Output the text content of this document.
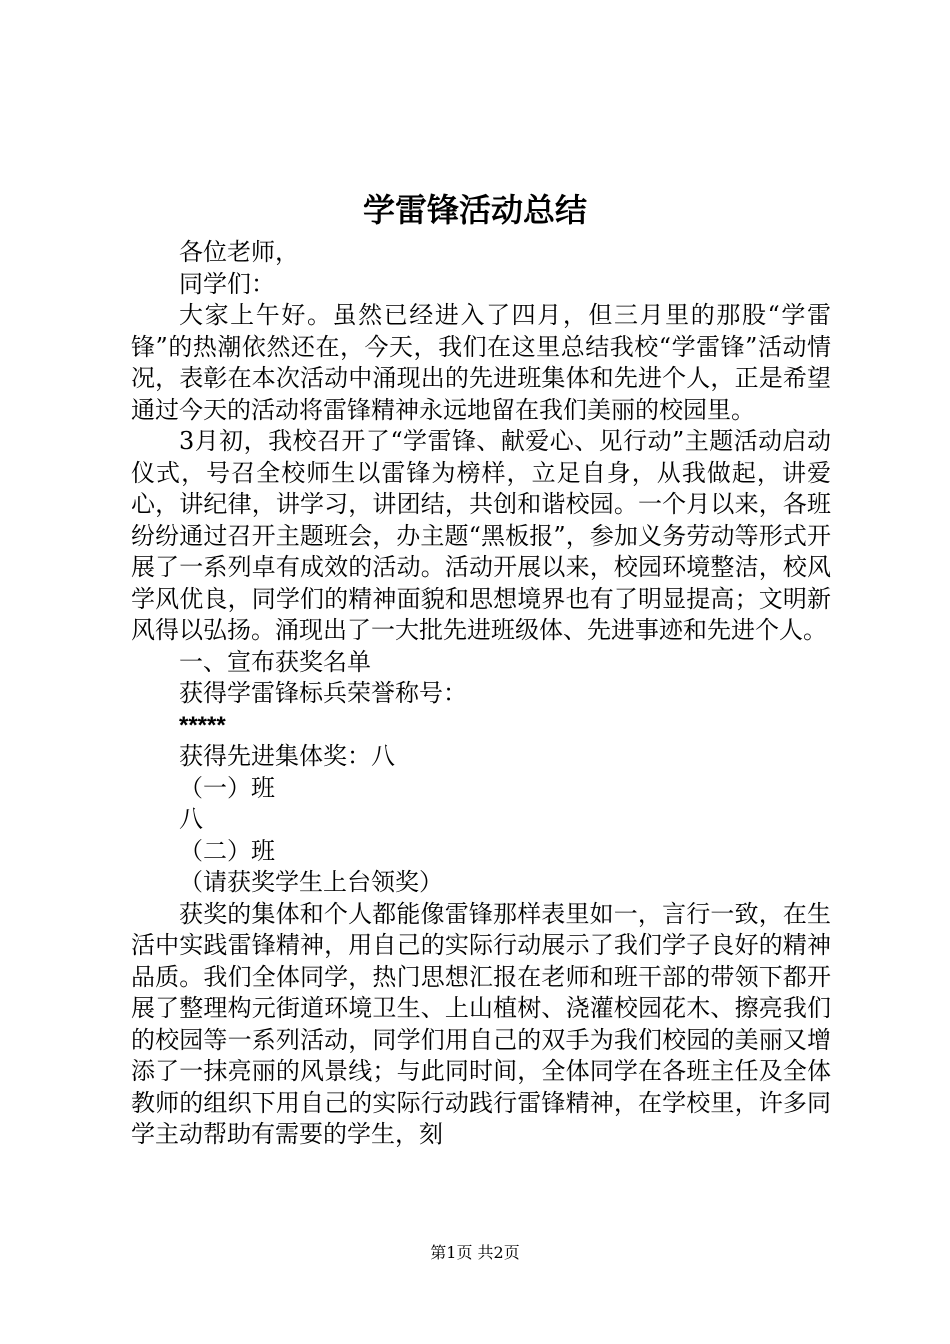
学雷锋活动总结

各位老师，

同学们：

大家上午好。虽然已经进入了四月，但三月里的那股“学雷锋”的热潮依然还在，今天，我们在这里总结我校“学雷锋”活动情况，表彰在本次活动中涌现出的先进班集体和先进个人，正是希望通过今天的活动将雷锋精神永远地留在我们美丽的校园里。

3月初，我校召开了“学雷锋、献爱心、见行动”主题活动启动仪式，号召全校师生以雷锋为榜样，立足自身，从我做起，讲爱心，讲纪律，讲学习，讲团结，共创和谐校园。一个月以来，各班纷纷通过召开主题班会，办主题“黑板报”，参加义务劳动等形式开展了一系列卓有成效的活动。活动开展以来，校园环境整洁，校风学风优良，同学们的精神面貌和思想境界也有了明显提高；文明新风得以弘扬。涌现出了一大批先进班级体、先进事迹和先进个人。

一、宣布获奖名单

获得学雷锋标兵荣誉称号：

*****

获得先进集体奖：八

（一）班

八

（二）班

（请获奖学生上台领奖）

获奖的集体和个人都能像雷锋那样表里如一，言行一致，在生活中实践雷锋精神，用自己的实际行动展示了我们学子良好的精神品质。我们全体同学，热门思想汇报在老师和班干部的带领下都开展了整理构元街道环境卫生、上山植树、浇灌校园花木、擦亮我们的校园等一系列活动，同学们用自己的双手为我们校园的美丽又增添了一抹亮丽的风景线；与此同时间，全体同学在各班主任及全体教师的组织下用自己的实际行动践行雷锋精神，在学校里，许多同学主动帮助有需要的学生，刻

第1页 共2页
